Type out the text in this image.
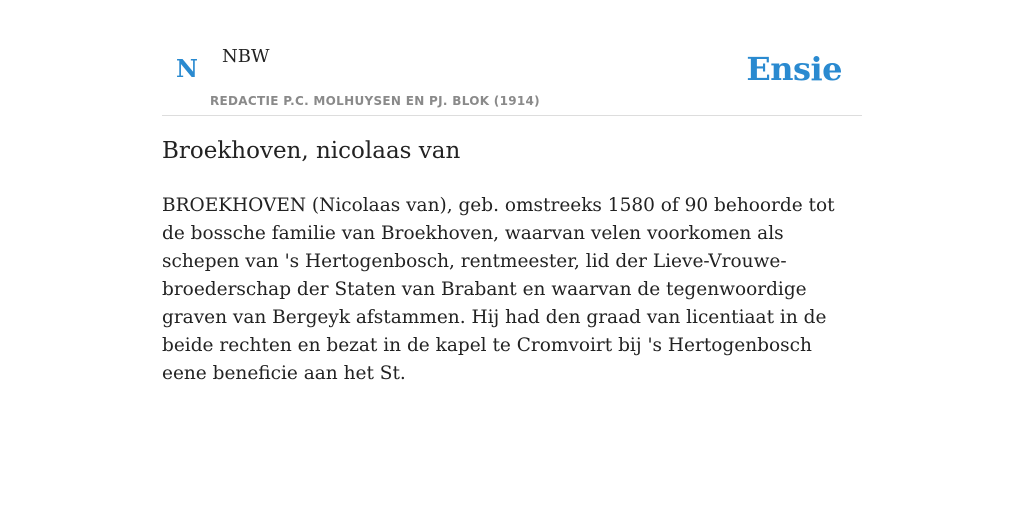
N NBW
REDACTIE P.C. MOLHUYSEN EN PJ. BLOK (1914)
Ensie
Broekhoven, nicolaas van

BROEKHOVEN (Nicolaas van), geb. omstreeks 1580 of 90 behoorde tot de bossche familie van Broekhoven, waarvan velen voorkomen als schepen van 's Hertogenbosch, rentmeester, lid der Lieve-Vrouwe-broederschap der Staten van Brabant en waarvan de tegenwoordige graven van Bergeyk afstammen. Hij had den graad van licentiaat in de beide rechten en bezat in de kapel te Cromvoirt bij 's Hertogenbosch eene beneficie aan het St.
